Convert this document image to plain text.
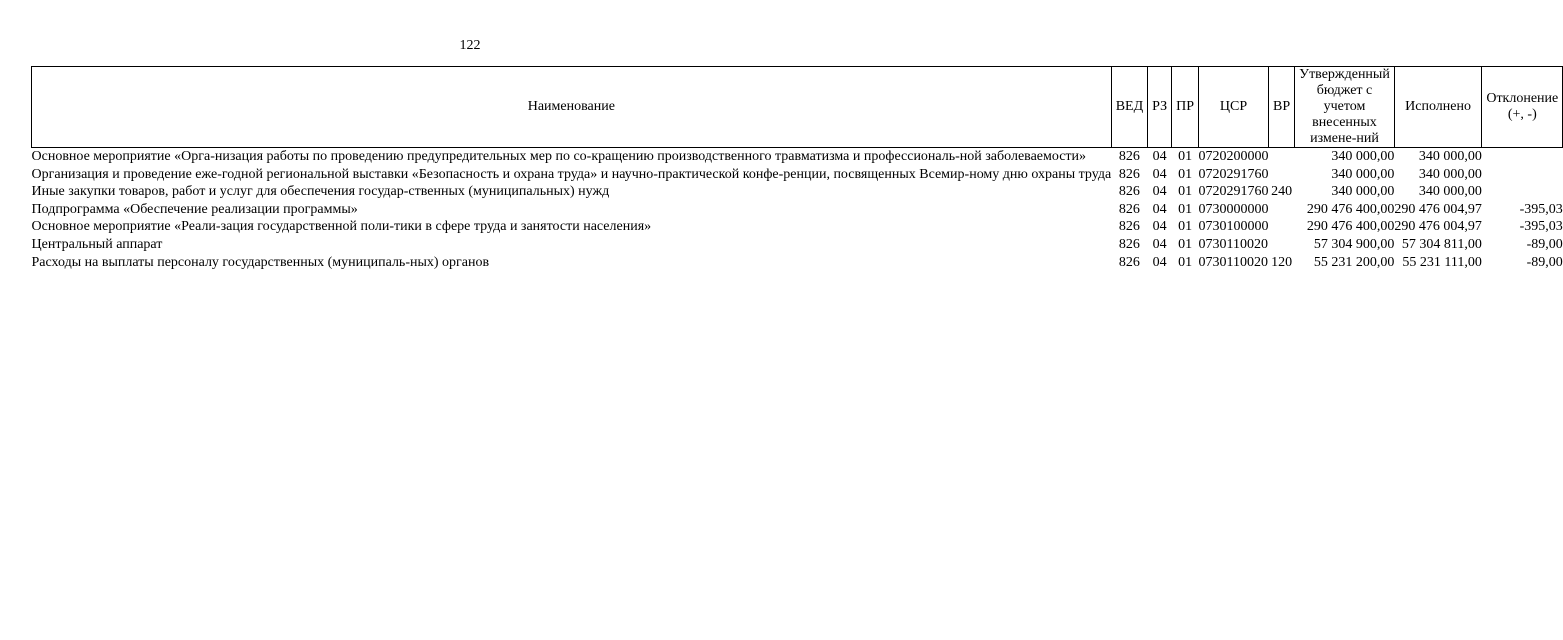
122
Наименование	ВЕД	РЗ	ПР	ЦСР	ВР	Утвержденный бюджет с учетом внесенных измене-ний	Исполнено	Отклонение (+, -)
Основное мероприятие «Орга-низация работы по проведению предупредительных мер по со-кращению производственного травматизма и профессиональ-ной заболеваемости»	826	04	01	0720200000		340 000,00	340 000,00	
Организация и проведение еже-годной региональной выставки «Безопасность и охрана труда» и научно-практической конфе-ренции, посвященных Всемир-ному дню охраны труда	826	04	01	0720291760		340 000,00	340 000,00	
Иные закупки товаров, работ и услуг для обеспечения государ-ственных (муниципальных) нужд	826	04	01	0720291760	240	340 000,00	340 000,00	
Подпрограмма «Обеспечение реализации программы»	826	04	01	0730000000		290 476 400,00	290 476 004,97	-395,03
Основное мероприятие «Реали-зация государственной поли-тики в сфере труда и занятости населения»	826	04	01	0730100000		290 476 400,00	290 476 004,97	-395,03
Центральный аппарат	826	04	01	0730110020		57 304 900,00	57 304 811,00	-89,00
Расходы на выплаты персоналу государственных (муниципаль-ных) органов	826	04	01	0730110020	120	55 231 200,00	55 231 111,00	-89,00
